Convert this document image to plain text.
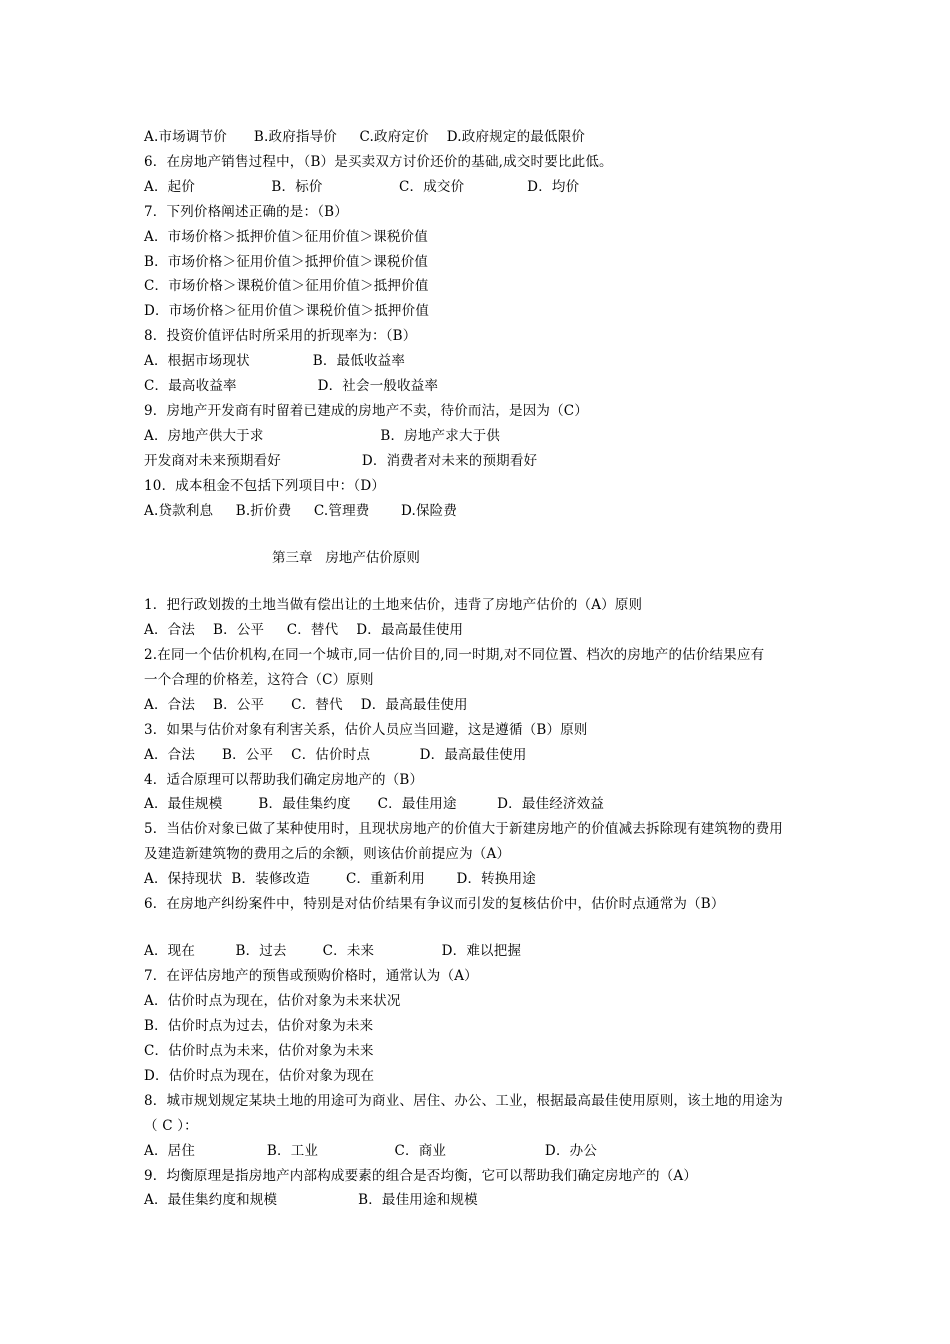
A.市场调节价      B.政府指导价     C.政府定价    D.政府规定的最低限价
6．在房地产销售过程中，（B）是买卖双方讨价还价的基础,成交时要比此低。
A．起价                 B．标价                 C．成交价              D．均价
7．下列价格阐述正确的是：（B）
A．市场价格＞抵押价值＞征用价值＞课税价值
B．市场价格＞征用价值＞抵押价值＞课税价值
C．市场价格＞课税价值＞征用价值＞抵押价值
D．市场价格＞征用价值＞课税价值＞抵押价值
8．投资价值评估时所采用的折现率为：（B）
A．根据市场现状              B．最低收益率
C．最高收益率                  D．社会一般收益率
9．房地产开发商有时留着已建成的房地产不卖，待价而沽，是因为（C）
A．房地产供大于求                          B．房地产求大于供
开发商对未来预期看好                  D．消费者对未来的预期看好
10．成本租金不包括下列项目中：（D）
A.贷款利息     B.折价费     C.管理费       D.保险费
第三章   房地产估价原则
1．把行政划拨的土地当做有偿出让的土地来估价，违背了房地产估价的（A）原则
A．合法    B．公平     C．替代    D．最高最佳使用
2.在同一个估价机构,在同一个城市,同一估价目的,同一时期,对不同位置、档次的房地产的估价结果应有
一个合理的价格差，这符合（C）原则
A．合法    B．公平      C．替代    D．最高最佳使用
3．如果与估价对象有利害关系，估价人员应当回避，这是遵循（B）原则
A．合法      B．公平    C．估价时点           D．最高最佳使用
4．适合原理可以帮助我们确定房地产的（B）
A．最佳规模        B．最佳集约度      C．最佳用途         D．最佳经济效益
5．当估价对象已做了某种使用时，且现状房地产的价值大于新建房地产的价值减去拆除现有建筑物的费用
及建造新建筑物的费用之后的余额，则该估价前提应为（A）
A．保持现状  B．装修改造        C．重新利用       D．转换用途
6．在房地产纠纷案件中，特别是对估价结果有争议而引发的复核估价中，估价时点通常为（B）
A．现在         B．过去        C．未来               D．难以把握
7．在评估房地产的预售或预购价格时，通常认为（A）
A．估价时点为现在，估价对象为未来状况
B．估价时点为过去，估价对象为未来
C．估价时点为未来，估价对象为未来
D．估价时点为现在，估价对象为现在
8．城市规划规定某块土地的用途可为商业、居住、办公、工业，根据最高最佳使用原则，该土地的用途为
（ C ）：
A．居住                B．工业                 C．商业                      D．办公
9．均衡原理是指房地产内部构成要素的组合是否均衡，它可以帮助我们确定房地产的（A）
A．最佳集约度和规模                  B．最佳用途和规模
